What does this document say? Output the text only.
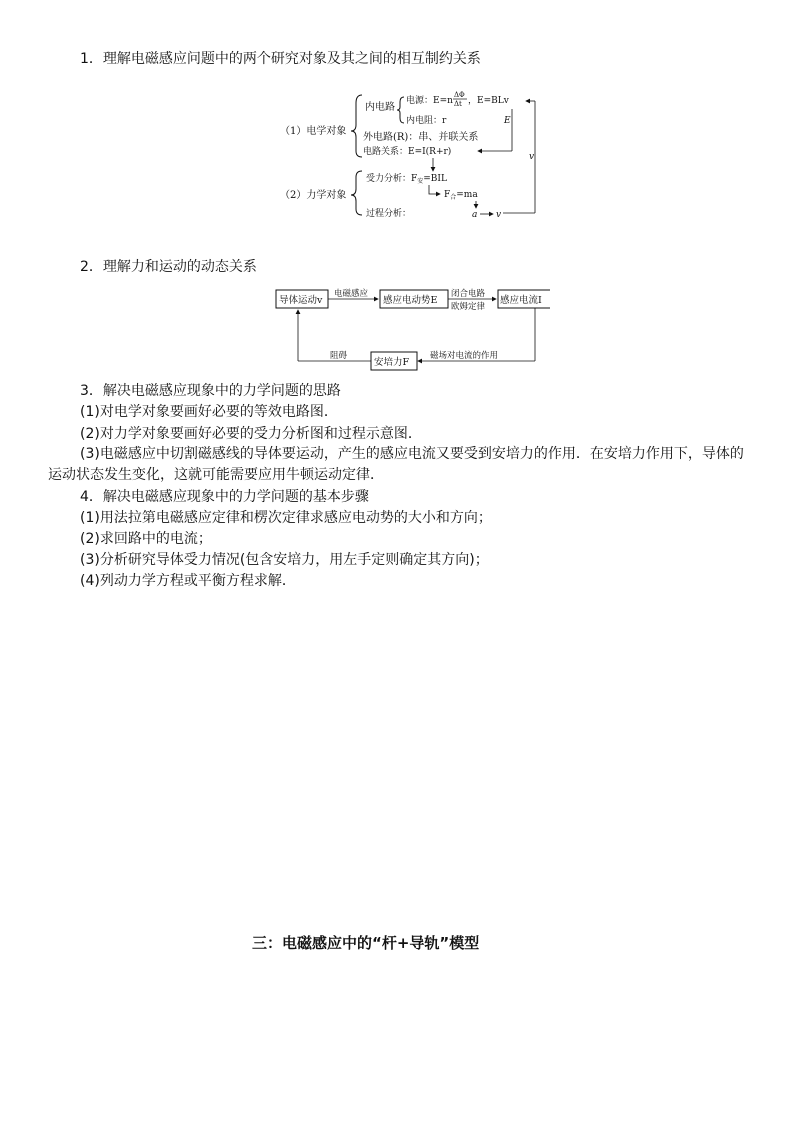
1．理解电磁感应问题中的两个研究对象及其之间的相互制约关系
（1）电学对象
内电路
电源：E=n
ΔΦ
Δt ，E=BLv
内电阻：r	E
外电路(R)：串、并联关系
电路关系：E=I(R+r)	v
（2）力学对象
受力分析：$F_安=BIL$
$F_合=ma$
过程分析：	a v
2．理解力和运动的动态关系
导体运动v
电磁感应
感应电动势E
闭合电路
欧姆定律
感应电流I
磁场对电流的作用
安培力F
阻碍
3．解决电磁感应现象中的力学问题的思路
(1)对电学对象要画好必要的等效电路图．
(2)对力学对象要画好必要的受力分析图和过程示意图．
(3)电磁感应中切割磁感线的导体要运动，产生的感应电流又要受到安培力的作用．在安培力作用下，导体的运动状态发生变化，这就可能需要应用牛顿运动定律．
4．解决电磁感应现象中的力学问题的基本步骤
(1)用法拉第电磁感应定律和楞次定律求感应电动势的大小和方向；
(2)求回路中的电流；
(3)分析研究导体受力情况(包含安培力，用左手定则确定其方向)；
(4)列动力学方程或平衡方程求解．
三：电磁感应中的“杆+导轨”模型
